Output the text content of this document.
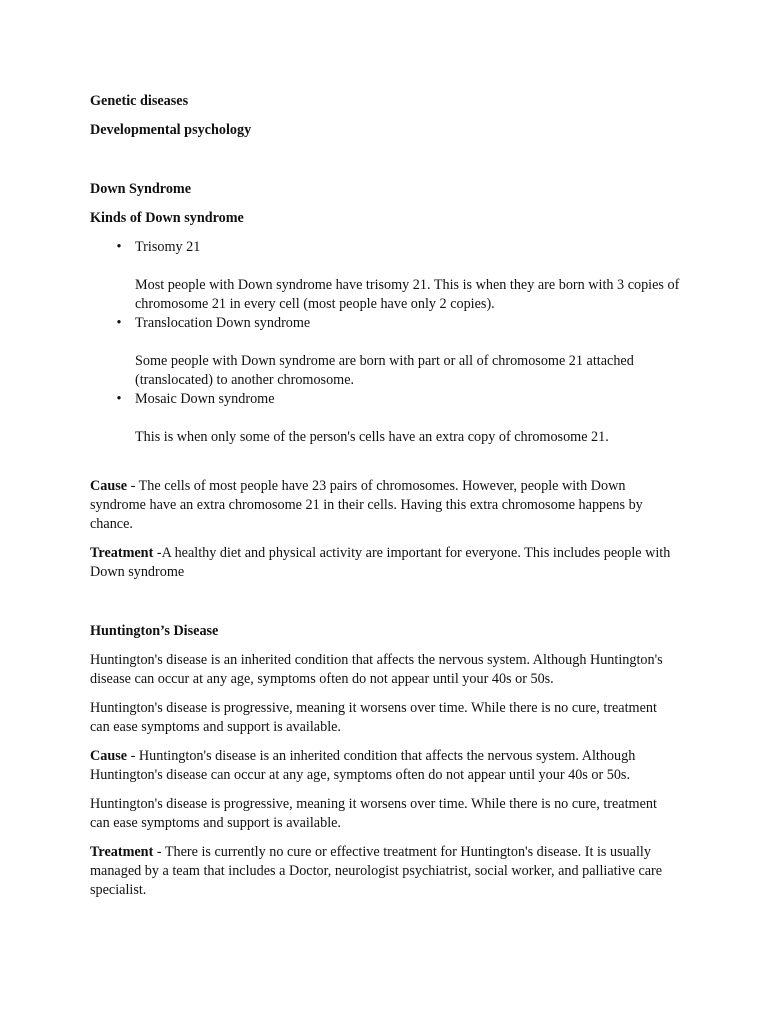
Genetic diseases

Developmental psychology

Down Syndrome

Kinds of Down syndrome

• Trisomy 21
Most people with Down syndrome have trisomy 21. This is when they are born with 3 copies of chromosome 21 in every cell (most people have only 2 copies).
• Translocation Down syndrome
Some people with Down syndrome are born with part or all of chromosome 21 attached (translocated) to another chromosome.
• Mosaic Down syndrome
This is when only some of the person's cells have an extra copy of chromosome 21.

Cause - The cells of most people have 23 pairs of chromosomes. However, people with Down syndrome have an extra chromosome 21 in their cells. Having this extra chromosome happens by chance.

Treatment -A healthy diet and physical activity are important for everyone. This includes people with Down syndrome

Huntington’s Disease

Huntington's disease is an inherited condition that affects the nervous system. Although Huntington's disease can occur at any age, symptoms often do not appear until your 40s or 50s.

Huntington's disease is progressive, meaning it worsens over time. While there is no cure, treatment can ease symptoms and support is available.

Cause - Huntington's disease is an inherited condition that affects the nervous system. Although Huntington's disease can occur at any age, symptoms often do not appear until your 40s or 50s.

Huntington's disease is progressive, meaning it worsens over time. While there is no cure, treatment can ease symptoms and support is available.

Treatment - There is currently no cure or effective treatment for Huntington's disease. It is usually managed by a team that includes a Doctor, neurologist psychiatrist, social worker, and palliative care specialist.
